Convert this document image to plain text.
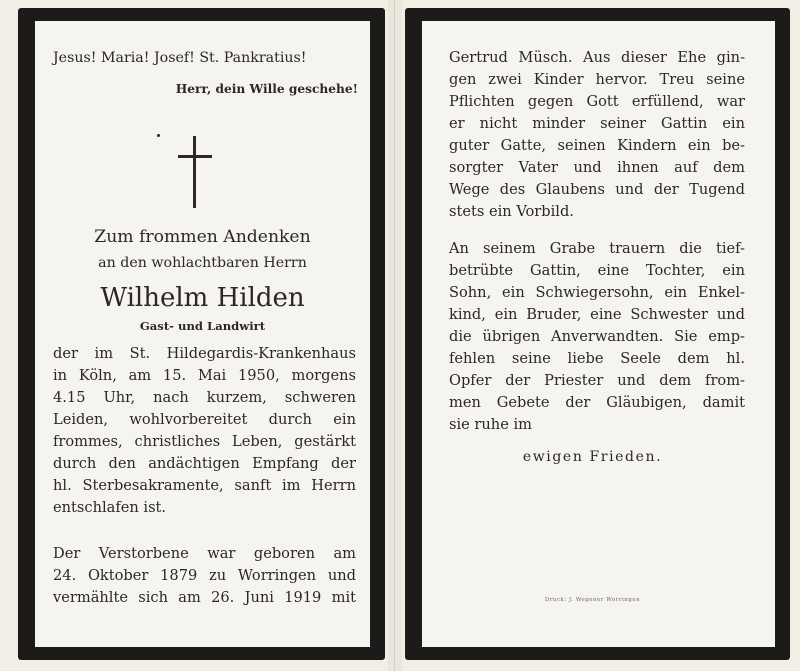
Jesus! Maria! Josef! St. Pankratius!
Herr, dein Wille geschehe!
Zum frommen Andenken
an den wohlachtbaren Herrn
Wilhelm Hilden
Gast- und Landwirt
der im St. Hildegardis-Krankenhaus
in Köln, am 15. Mai 1950, morgens
4.15 Uhr, nach kurzem, schweren
Leiden, wohlvorbereitet durch ein
frommes, christliches Leben, gestärkt
durch den andächtigen Empfang der
hl. Sterbesakramente, sanft im Herrn
entschlafen ist.
Der Verstorbene war geboren am
24. Oktober 1879 zu Worringen und
vermählte sich am 26. Juni 1919 mit
Gertrud Müsch. Aus dieser Ehe gin-
gen zwei Kinder hervor. Treu seine
Pflichten gegen Gott erfüllend, war
er nicht minder seiner Gattin ein
guter Gatte, seinen Kindern ein be-
sorgter Vater und ihnen auf dem
Wege des Glaubens und der Tugend
stets ein Vorbild.
An seinem Grabe trauern die tief-
betrübte Gattin, eine Tochter, ein
Sohn, ein Schwiegersohn, ein Enkel-
kind, ein Bruder, eine Schwester und
die übrigen Anverwandten. Sie emp-
fehlen seine liebe Seele dem hl.
Opfer der Priester und dem from-
men Gebete der Gläubigen, damit
sie ruhe im
ewigen Frieden.
Druck: J. Wegener Worringen
